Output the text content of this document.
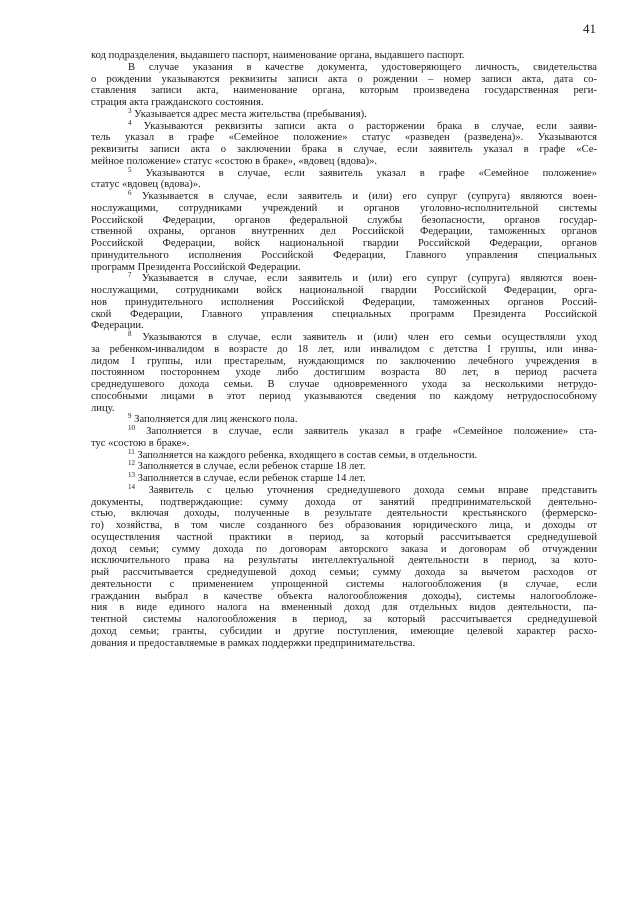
41
код подразделения, выдавшего паспорт, наименование органа, выдавшего паспорт.
В случае указания в качестве документа, удостоверяющего личность, свидетельства
о рождении указываются реквизиты записи акта о рождении – номер записи акта, дата со-
ставления записи акта, наименование органа, которым произведена государственная реги-
страция акта гражданского состояния.
$^3$ Указывается адрес места жительства (пребывания).
$^4$ Указываются реквизиты записи акта о расторжении брака в случае, если заяви-
тель указал в графе «Семейное положение» статус «разведен (разведена)». Указываются
реквизиты записи акта о заключении брака в случае, если заявитель указал в графе «Се-
мейное положение» статус «состою в браке», «вдовец (вдова)».
$^5$ Указываются в случае, если заявитель указал в графе «Семейное положение»
статус «вдовец (вдова)».
$^6$ Указывается в случае, если заявитель и (или) его супруг (супруга) являются воен-
нослужащими, сотрудниками учреждений и органов уголовно-исполнительной системы
Российской Федерации, органов федеральной службы безопасности, органов государ-
ственной охраны, органов внутренних дел Российской Федерации, таможенных органов
Российской Федерации, войск национальной гвардии Российской Федерации, органов
принудительного исполнения Российской Федерации, Главного управления специальных
программ Президента Российской Федерации.
$^7$ Указывается в случае, если заявитель и (или) его супруг (супруга) являются воен-
нослужащими, сотрудниками войск национальной гвардии Российской Федерации, орга-
нов принудительного исполнения Российской Федерации, таможенных органов Россий-
ской Федерации, Главного управления специальных программ Президента Российской
Федерации.
$^8$ Указываются в случае, если заявитель и (или) член его семьи осуществляли уход
за ребенком-инвалидом в возрасте до 18 лет, или инвалидом с детства I группы, или инва-
лидом I группы, или престарелым, нуждающимся по заключению лечебного учреждения в
постоянном постороннем уходе либо достигшим возраста 80 лет, в период расчета
среднедушевого дохода семьи. В случае одновременного ухода за несколькими нетрудо-
способными лицами в этот период указываются сведения по каждому нетрудоспособному
лицу.
$^9$ Заполняется для лиц женского пола.
$^{10}$ Заполняется в случае, если заявитель указал в графе «Семейное положение» ста-
тус «состою в браке».
$^{11}$ Заполняется на каждого ребенка, входящего в состав семьи, в отдельности.
$^{12}$ Заполняется в случае, если ребенок старше 18 лет.
$^{13}$ Заполняется в случае, если ребенок старше 14 лет.
$^{14}$ Заявитель с целью уточнения среднедушевого дохода семьи вправе представить
документы, подтверждающие: сумму дохода от занятий предпринимательской деятельно-
стью, включая доходы, полученные в результате деятельности крестьянского (фермерско-
го) хозяйства, в том числе созданного без образования юридического лица, и доходы от
осуществления частной практики в период, за который рассчитывается среднедушевой
доход семьи; сумму дохода по договорам авторского заказа и договорам об отчуждении
исключительного права на результаты интеллектуальной деятельности в период, за кото-
рый рассчитывается среднедушевой доход семьи; сумму дохода за вычетом расходов от
деятельности с применением упрощенной системы налогообложения (в случае, если
гражданин выбрал в качестве объекта налогообложения доходы), системы налогообложе-
ния в виде единого налога на вмененный доход для отдельных видов деятельности, па-
тентной системы налогообложения в период, за который рассчитывается среднедушевой
доход семьи; гранты, субсидии и другие поступления, имеющие целевой характер расхо-
дования и предоставляемые в рамках поддержки предпринимательства.
